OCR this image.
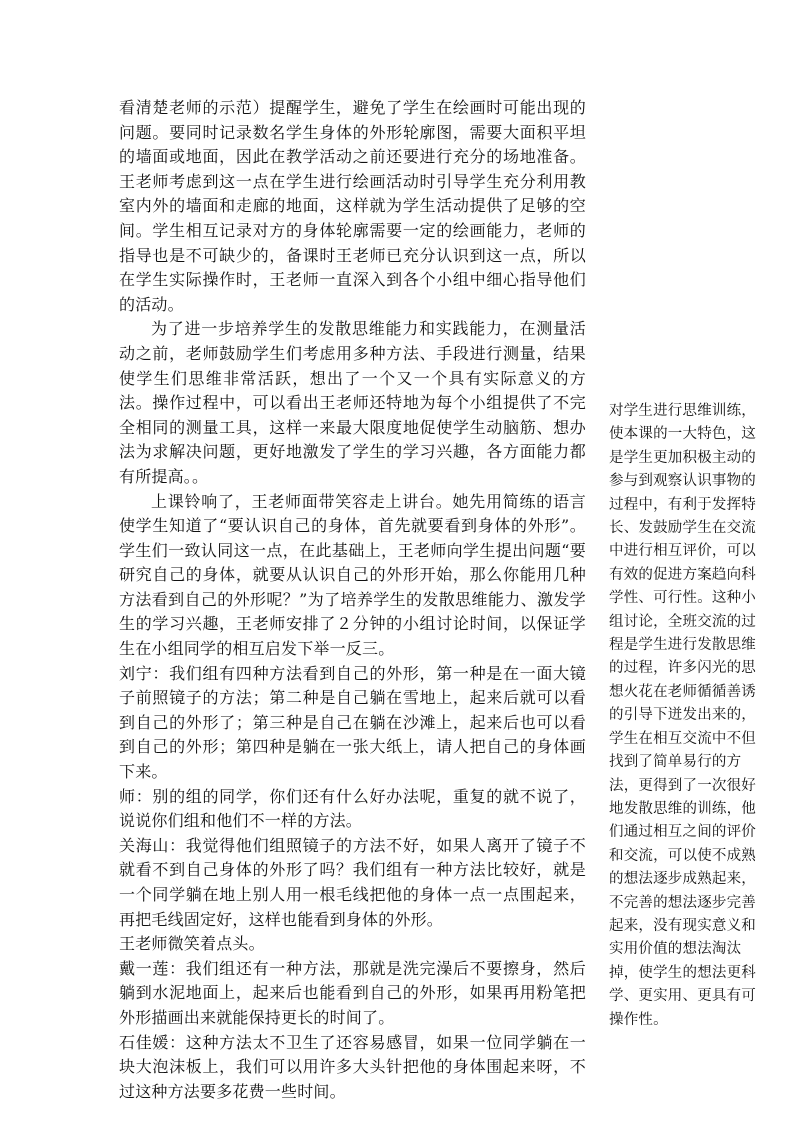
看清楚老师的示范）提醒学生，避免了学生在绘画时可能出现的问题。要同时记录数名学生身体的外形轮廓图，需要大面积平坦的墙面或地面，因此在教学活动之前还要进行充分的场地准备。王老师考虑到这一点在学生进行绘画活动时引导学生充分利用教室内外的墙面和走廊的地面，这样就为学生活动提供了足够的空间。学生相互记录对方的身体轮廓需要一定的绘画能力，老师的指导也是不可缺少的，备课时王老师已充分认识到这一点，所以在学生实际操作时，王老师一直深入到各个小组中细心指导他们的活动。

为了进一步培养学生的发散思维能力和实践能力，在测量活动之前，老师鼓励学生们考虑用多种方法、手段进行测量，结果使学生们思维非常活跃，想出了一个又一个具有实际意义的方法。操作过程中，可以看出王老师还特地为每个小组提供了不完全相同的测量工具，这样一来最大限度地促使学生动脑筋、想办法为求解决问题，更好地激发了学生的学习兴趣，各方面能力都有所提高。。

上课铃响了，王老师面带笑容走上讲台。她先用简练的语言使学生知道了“要认识自己的身体，首先就要看到身体的外形”。学生们一致认同这一点，在此基础上，王老师向学生提出问题“要研究自己的身体，就要从认识自己的外形开始，那么你能用几种方法看到自己的外形呢？”为了培养学生的发散思维能力、激发学生的学习兴趣，王老师安排了２分钟的小组讨论时间，以保证学生在小组同学的相互启发下举一反三。

刘宁：我们组有四种方法看到自己的外形，第一种是在一面大镜子前照镜子的方法；第二种是自己躺在雪地上，起来后就可以看到自己的外形了；第三种是自己在躺在沙滩上，起来后也可以看到自己的外形；第四种是躺在一张大纸上，请人把自己的身体画下来。

师：别的组的同学，你们还有什么好办法呢，重复的就不说了，说说你们组和他们不一样的方法。

关海山：我觉得他们组照镜子的方法不好，如果人离开了镜子不就看不到自己身体的外形了吗？我们组有一种方法比较好，就是一个同学躺在地上别人用一根毛线把他的身体一点一点围起来，再把毛线固定好，这样也能看到身体的外形。

王老师微笑着点头。

戴一莲：我们组还有一种方法，那就是洗完澡后不要擦身，然后躺到水泥地面上，起来后也能看到自己的外形，如果再用粉笔把外形描画出来就能保持更长的时间了。

石佳媛：这种方法太不卫生了还容易感冒，如果一位同学躺在一块大泡沫板上，我们可以用许多大头针把他的身体围起来呀，不过这种方法要多花费一些时间。

对学生进行思维训练，使本课的一大特色，这是学生更加积极主动的参与到观察认识事物的过程中，有利于发挥特长、发鼓励学生在交流中进行相互评价，可以有效的促进方案趋向科学性、可行性。这种小组讨论，全班交流的过程是学生进行发散思维的过程，许多闪光的思想火花在老师循循善诱的引导下迸发出来的，学生在相互交流中不但找到了简单易行的方法，更得到了一次很好地发散思维的训练，他们通过相互之间的评价和交流，可以使不成熟的想法逐步成熟起来，不完善的想法逐步完善起来，没有现实意义和实用价值的想法淘汰掉，使学生的想法更科学、更实用、更具有可操作性。
